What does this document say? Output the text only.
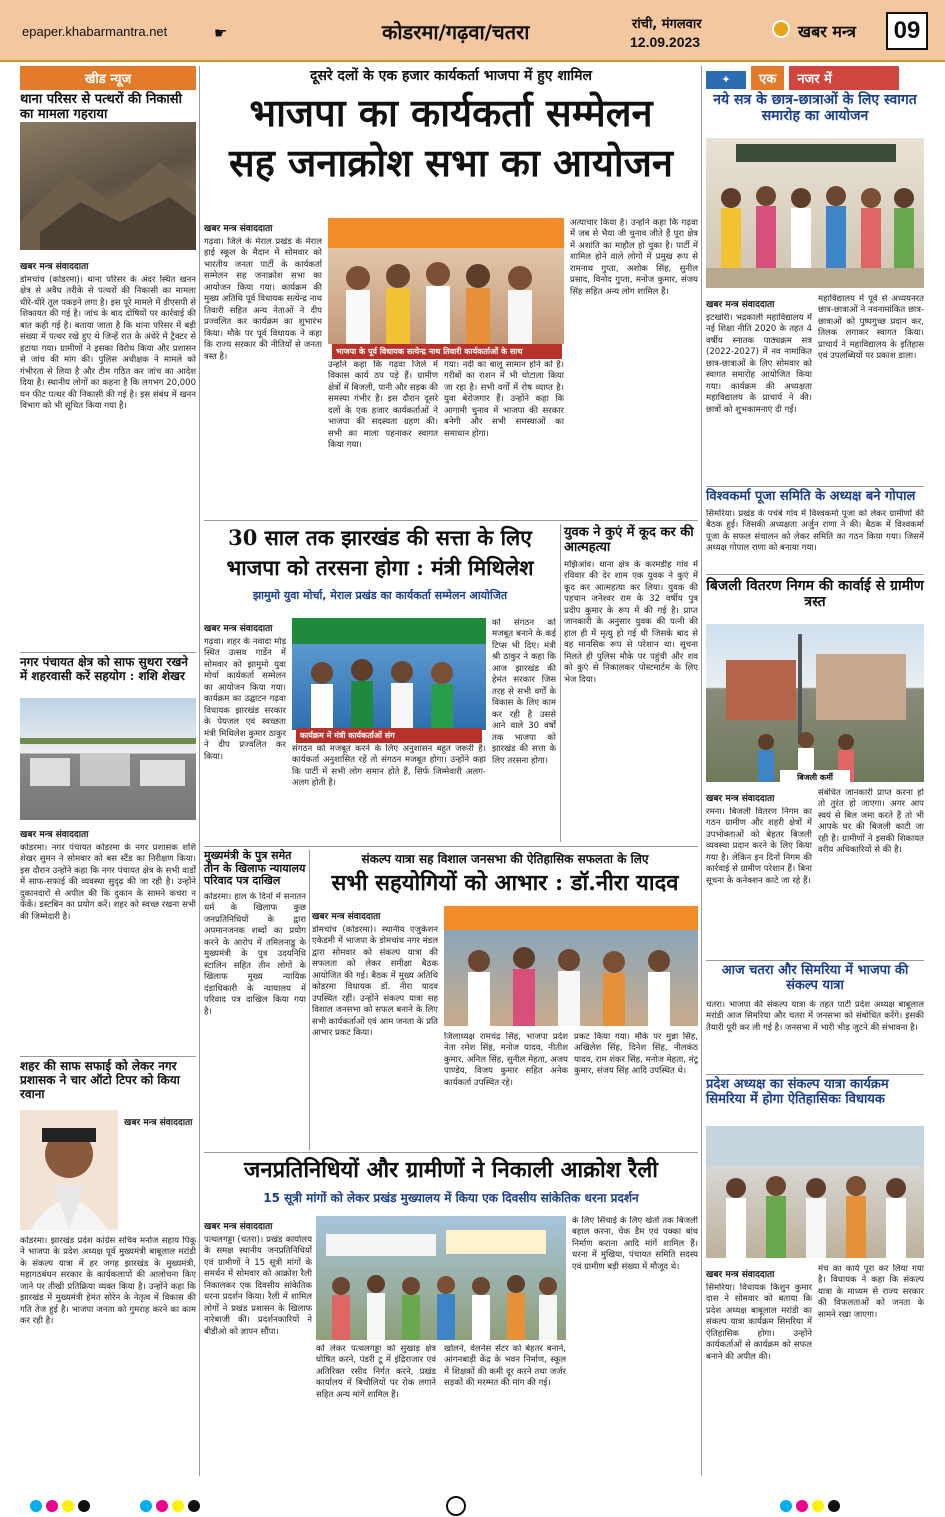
epaper.khabarmantra.net	☛	कोडरमा/गढ़वा/चतरा	रांची, मंगलवार
12.09.2023
खबर मन्त्र	09
खीड न्यूज
थाना परिसर से पत्थरों की निकासी का मामला गहराया
खबर मन्त्र संवाददाता
डोमचांच (कोडरमा)। थाना परिसर के अंदर स्थित खनन क्षेत्र से अवैध तरीके से पत्थरों की निकासी का मामला धीरे-धीरे तूल पकड़ने लगा है। इस पूरे मामले में डीएसपी से शिकायत की गई है। जांच के बाद दोषियों पर कार्रवाई की बात कही गई है। बताया जाता है कि थाना परिसर में बड़ी संख्या में पत्थर रखे हुए थे जिन्हें रात के अंधेरे में ट्रैक्टर से हटाया गया। ग्रामीणों ने इसका विरोध किया और प्रशासन से जांच की मांग की। पुलिस अधीक्षक ने मामले को गंभीरता से लिया है और टीम गठित कर जांच का आदेश दिया है। स्थानीय लोगों का कहना है कि लगभग 20,000 घन फीट पत्थर की निकासी की गई है। इस संबंध में खनन विभाग को भी सूचित किया गया है।
नगर पंचायत क्षेत्र को साफ सुथरा रखने में शहरवासी करें सहयोग : शशि शेखर
खबर मन्त्र संवाददाता
कोडरमा। नगर पंचायत कोडरमा के नगर प्रशासक शशि शेखर सुमन ने सोमवार को बस स्टैंड का निरीक्षण किया। इस दौरान उन्होंने कहा कि नगर पंचायत क्षेत्र के सभी वार्डों में साफ-सफाई की व्यवस्था सुदृढ़ की जा रही है। उन्होंने दुकानदारों से अपील की कि दुकान के सामने कचरा न फेंकें। डस्टबिन का प्रयोग करें। शहर को स्वच्छ रखना सभी की जिम्मेदारी है।
शहर की साफ सफाई को लेकर नगर प्रशासक ने चार ऑटो टिपर को किया रवाना
खबर मन्त्र संवाददाता
कोडरमा। झारखंड प्रदेश कांग्रेस सचिव मनोज सहाय पिंकू ने भाजपा के प्रदेश अध्यक्ष पूर्व मुख्यमंत्री बाबूलाल मरांडी के संकल्प यात्रा में हर जगह झारखंड के मुख्यमंत्री, महागठबंधन सरकार के कार्यकलापों की आलोचना किए जाने पर तीखी प्रतिक्रिया व्यक्त किया है। उन्होंने कहा कि झारखंड में मुख्यमंत्री हेमंत सोरेन के नेतृत्व में विकास की गति तेज हुई है। भाजपा जनता को गुमराह करने का काम कर रही है।
दूसरे दलों के एक हजार कार्यकर्ता भाजपा में हुए शामिल
भाजपा का कार्यकर्ता सम्मेलन
सह जनाक्रोश सभा का आयोजन
खबर मन्त्र संवाददाता
गढ़वा। जिले के मेराल प्रखंड के मेराल हाई स्कूल के मैदान में सोमवार को भारतीय जनता पार्टी के कार्यकर्ता सम्मेलन सह जनाक्रोश सभा का आयोजन किया गया। कार्यक्रम की मुख्य अतिथि पूर्व विधायक सत्येन्द्र नाथ तिवारी सहित अन्य नेताओं ने दीप प्रज्वलित कर कार्यक्रम का शुभारंभ किया। मौके पर पूर्व विधायक ने कहा कि राज्य सरकार की नीतियों से जनता त्रस्त है।
भाजपा के पूर्व विधायक सत्येन्द्र नाथ तिवारी कार्यकर्ताओं के साथ
उन्होंने कहा कि गढ़वा जिले में विकास कार्य ठप पड़े हैं। ग्रामीण क्षेत्रों में बिजली, पानी और सड़क की समस्या गंभीर है। इस दौरान दूसरे दलों के एक हजार कार्यकर्ताओं ने भाजपा की सदस्यता ग्रहण की। सभी का माला पहनाकर स्वागत किया गया।
गया। नदी का बालू सामान होने को है। गरीबों का राशन में भी घोटाला किया जा रहा है। सभी वर्गों में रोष व्याप्त है। युवा बेरोजगार हैं। उन्होंने कहा कि आगामी चुनाव में भाजपा की सरकार बनेगी और सभी समस्याओं का समाधान होगा।
अत्याचार किया है। उन्होंने कहा कि गढ़वा में जब से भैया जी चुनाव जीते हैं पूरा क्षेत्र में अशांति का माहौल हो चुका है। पार्टी में शामिल होने वाले लोगों में प्रमुख रूप से रामनाथ गुप्ता, अशोक सिंह, सुनील प्रसाद, विनोद गुप्ता, मनोज कुमार, संजय सिंह सहित अन्य लोग शामिल हैं।
30 साल तक झारखंड की सत्ता के लिए
भाजपा को तरसना होगा : मंत्री मिथिलेश
झामुमो युवा मोर्चा, मेराल प्रखंड का कार्यकर्ता सम्मेलन आयोजित
खबर मन्त्र संवाददाता
गढ़वा। शहर के नवादा मोड़ स्थित उत्सव गार्डेन में सोमवार को झामुमो युवा मोर्चा कार्यकर्ता सम्मेलन का आयोजन किया गया। कार्यक्रम का उद्घाटन गढ़वा विधायक झारखंड सरकार के पेयजल एवं स्वच्छता मंत्री मिथिलेश कुमार ठाकुर ने दीप प्रज्वलित कर किया।
कार्यक्रम में मंत्री कार्यकर्ताओं संग
संगठन को मजबूत करने के लिए अनुशासन बहुत जरूरी है। कार्यकर्ता अनुशासित रहें तो संगठन मजबूत होगा। उन्होंने कहा कि पार्टी में सभी लोग समान होते हैं, सिर्फ जिम्मेवारी अलग-अलग होती है।
को संगठन को मजबूत बनाने के कई टिप्स भी दिए। मंत्री श्री ठाकुर ने कहा कि आज झारखंड की हेमंत सरकार जिस तरह से सभी वर्गों के विकास के लिए काम कर रही है उससे आने वाले 30 वर्षों तक भाजपा को झारखंड की सत्ता के लिए तरसना होगा।
युवक ने कुएं में कूद कर की आत्महत्या
मझिआंव। थाना क्षेत्र के करमडीह गांव में रविवार की देर शाम एक युवक ने कुएं में कूद कर आत्महत्या कर लिया। युवक की पहचान जनेश्वर राम के 32 वर्षीय पुत्र प्रदीप कुमार के रूप में की गई है। प्राप्त जानकारी के अनुसार युवक की पत्नी की हाल ही में मृत्यु हो गई थी जिसके बाद से वह मानसिक रूप से परेशान था। सूचना मिलते ही पुलिस मौके पर पहुंची और शव को कुएं से निकालकर पोस्टमार्टम के लिए भेज दिया।
मुख्यमंत्री के पुत्र समेत तीन के खिलाफ न्यायालय परिवाद पत्र दाखिल
कोडरमा। हाल के दिनों में सनातन धर्म के खिलाफ कुछ जनप्रतिनिधियों के द्वारा अपमानजनक शब्दों का प्रयोग करने के आरोप में तमिलनाडु के मुख्यमंत्री के पुत्र उदयनिधि स्टालिन सहित तीन लोगों के खिलाफ मुख्य न्यायिक दंडाधिकारी के न्यायालय में परिवाद पत्र दाखिल किया गया है।
संकल्प यात्रा सह विशाल जनसभा की ऐतिहासिक सफलता के लिए
सभी सहयोगियों को आभार : डॉ.नीरा यादव
खबर मन्त्र संवाददाता
डोमचांच (कोडरमा)। स्थानीय एजुकेशन एकेडमी में भाजपा के डोमचांच नगर मंडल द्वारा सोमवार को संकल्प यात्रा की सफलता को लेकर समीक्षा बैठक आयोजित की गई। बैठक में मुख्य अतिथि कोडरमा विधायक डॉ. नीरा यादव उपस्थित रहीं। उन्होंने संकल्प यात्रा सह विशाल जनसभा को सफल बनाने के लिए सभी कार्यकर्ताओं एवं आम जनता के प्रति आभार प्रकट किया।	जिलाध्यक्ष रामचंद्र सिंह, भाजपा प्रदेश नेता रमेश सिंह, मनोज यादव, नीतीश कुमार, अनिल सिंह, सुनील मेहता, अजय पाण्डेय, विजय कुमार सहित अनेक कार्यकर्ता उपस्थित रहे।
प्रकट किया गया। मौके पर मुन्ना सिंह, अखिलेश सिंह, दिनेश सिंह, नीलकंठ यादव, राम शंकर सिंह, मनोज मेहता, मंटू कुमार, संजय सिंह आदि उपस्थित थे।
जनप्रतिनिधियों और ग्रामीणों ने निकाली आक्रोश रैली
15 सूत्री मांगों को लेकर प्रखंड मुख्यालय में किया एक दिवसीय सांकेतिक धरना प्रदर्शन
खबर मन्त्र संवाददाता
पत्थलगड्डा (चतरा)। प्रखंड कार्यालय के समक्ष स्थानीय जनप्रतिनिधियों एवं ग्रामीणों ने 15 सूत्री मांगों के समर्थन में सोमवार को आक्रोश रैली निकालकर एक दिवसीय सांकेतिक धरना प्रदर्शन किया। रैली में शामिल लोगों ने प्रखंड प्रशासन के खिलाफ नारेबाजी की। प्रदर्शनकारियों ने बीडीओ को ज्ञापन सौंपा।
को लेकर पत्थलगड्डा को सुखाड़ क्षेत्र घोषित करने, पंडरी टू में इंद्रिराजार एवं अतिरिक्त रसीद निर्गत करने, प्रखंड कार्यालय में बिचौलियों पर रोक लगाने सहित अन्य मांगें शामिल हैं।
खोलने, वेलनेस सेंटर को बेहतर बनाने, आंगनबाड़ी केंद्र के भवन निर्माण, स्कूल में शिक्षकों की कमी दूर करने तथा जर्जर सड़कों की मरम्मत की मांग की गई।
के लिए सिंचाई के लिए खेतों तक बिजली बहाल करना, चेक डैम एवं पक्का बांध निर्माण कराना आदि मांगें शामिल हैं। धरना में मुखिया, पंचायत समिति सदस्य एवं ग्रामीण बड़ी संख्या में मौजूद थे।
✦ एक नजर में
नये सत्र के छात्र-छात्राओं के लिए स्वागत समारोह का आयोजन
खबर मन्त्र संवाददाता
इटखोरी। भद्रकाली महाविद्यालय में नई शिक्षा नीति 2020 के तहत 4 वर्षीय स्नातक पाठ्यक्रम सत्र (2022-2027) में नव नामांकित छात्र-छात्राओं के लिए सोमवार को स्वागत समारोह आयोजित किया गया। कार्यक्रम की अध्यक्षता महाविद्यालय के प्राचार्य ने की। छात्रों को शुभकामनाएं दी गईं।
महाविद्यालय में पूर्व से अध्ययनरत छात्र-छात्राओं ने नवनामांकित छात्र-छात्राओं को पुष्पगुच्छ प्रदान कर, तिलक लगाकर स्वागत किया। प्राचार्य ने महाविद्यालय के इतिहास एवं उपलब्धियों पर प्रकाश डाला।
विश्वकर्मा पूजा समिति के अध्यक्ष बने गोपाल
सिमरिया। प्रखंड के पचंबे गांव में विश्वकर्मा पूजा को लेकर ग्रामीणों की बैठक हुई। जिसकी अध्यक्षता अर्जुन राणा ने की। बैठक में विश्वकर्मा पूजा के सफल संचालन को लेकर समिति का गठन किया गया। जिसमें अध्यक्ष गोपाल राणा को बनाया गया।
बिजली वितरण निगम की कार्वाई से ग्रामीण त्रस्त
बिजली कर्मी
खबर मन्त्र संवाददाता
रमना। बिजली वितरण निगम का गठन ग्रामीण और शहरी क्षेत्रों में उपभोक्ताओं को बेहतर बिजली व्यवस्था प्रदान करने के लिए किया गया है। लेकिन इन दिनों निगम की कार्रवाई से ग्रामीण परेशान हैं। बिना सूचना के कनेक्शन काटे जा रहे हैं।
संबंधित जानकारी प्राप्त करना हो तो तुरंत हो जाएगा। अगर आप स्वयं से बिल जमा करते हैं तो भी आपके घर की बिजली काटी जा रही है। ग्रामीणों ने इसकी शिकायत वरीय अधिकारियों से की है।
आज चतरा और सिमरिया में भाजपा की संकल्प यात्रा
चतरा। भाजपा की संकल्प यात्रा के तहत पार्टी प्रदेश अध्यक्ष बाबूलाल मरांडी आज सिमरिया और चतरा में जनसभा को संबोधित करेंगे। इसकी तैयारी पूरी कर ली गई है। जनसभा में भारी भीड़ जुटने की संभावना है।
प्रदेश अध्यक्ष का संकल्प यात्रा कार्यक्रम सिमरिया में होगा ऐतिहासिकः विधायक
खबर मन्त्र संवाददाता
सिमरिया। विधायक किशुन कुमार दास ने सोमवार को बताया कि प्रदेश अध्यक्ष बाबूलाल मरांडी का संकल्प यात्रा कार्यक्रम सिमरिया में ऐतिहासिक होगा। उन्होंने कार्यकर्ताओं से कार्यक्रम को सफल बनाने की अपील की।
मंच का कार्य पूरा कर लिया गया है। विधायक ने कहा कि संकल्प यात्रा के माध्यम से राज्य सरकार की विफलताओं को जनता के सामने रखा जाएगा।
